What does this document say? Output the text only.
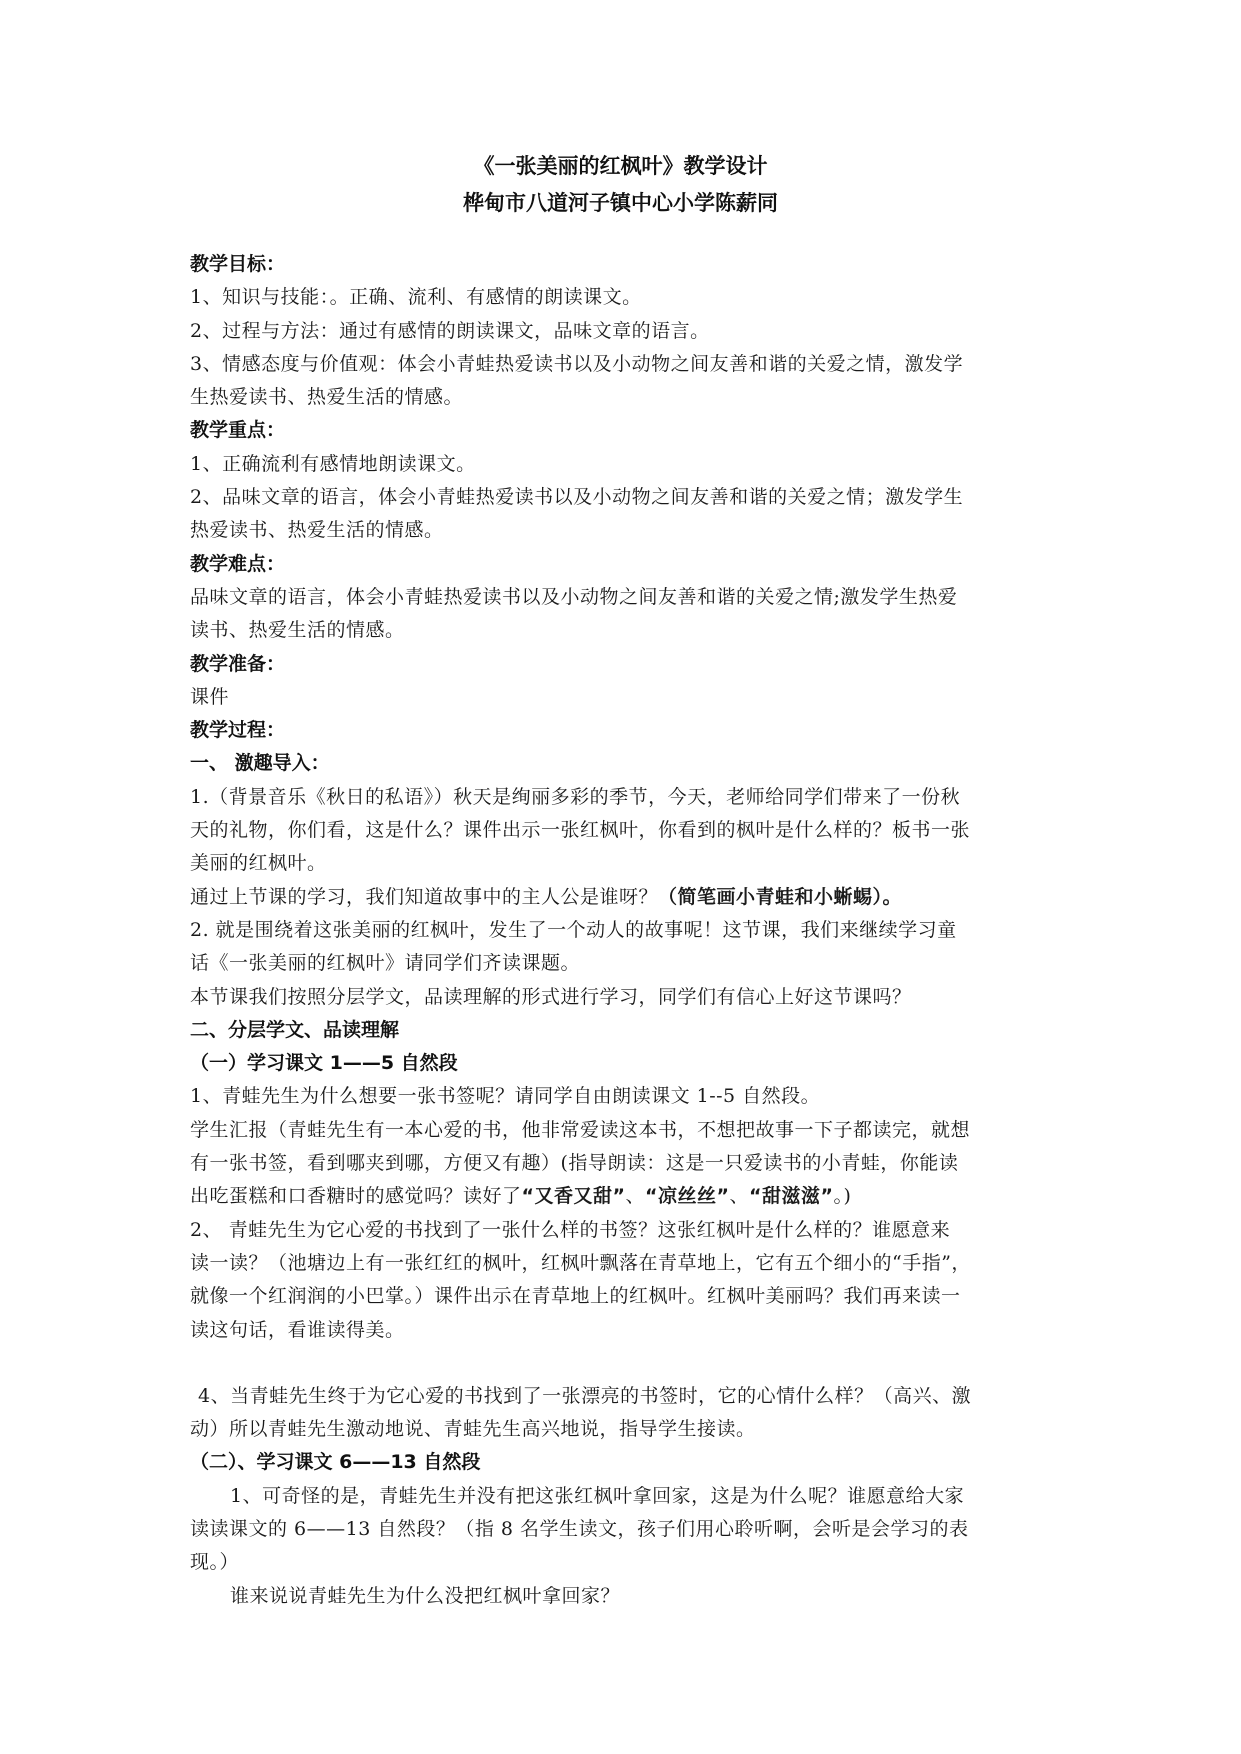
《一张美丽的红枫叶》教学设计
桦甸市八道河子镇中心小学陈薪同
教学目标：
1、知识与技能：。正确、流利、有感情的朗读课文。
2、过程与方法：通过有感情的朗读课文，品味文章的语言。
3、情感态度与价值观：体会小青蛙热爱读书以及小动物之间友善和谐的关爱之情，激发学
生热爱读书、热爱生活的情感。
教学重点：
1、正确流利有感情地朗读课文。
2、品味文章的语言，体会小青蛙热爱读书以及小动物之间友善和谐的关爱之情；激发学生
热爱读书、热爱生活的情感。
教学难点：
品味文章的语言，体会小青蛙热爱读书以及小动物之间友善和谐的关爱之情;激发学生热爱
读书、热爱生活的情感。
教学准备：
课件
教学过程：
一、 激趣导入：
1.（背景音乐《秋日的私语》）秋天是绚丽多彩的季节，今天，老师给同学们带来了一份秋
天的礼物，你们看，这是什么？课件出示一张红枫叶，你看到的枫叶是什么样的？板书一张
美丽的红枫叶。
通过上节课的学习，我们知道故事中的主人公是谁呀？（简笔画小青蛙和小蜥蜴）。
2. 就是围绕着这张美丽的红枫叶，发生了一个动人的故事呢！这节课，我们来继续学习童
话《一张美丽的红枫叶》请同学们齐读课题。
本节课我们按照分层学文，品读理解的形式进行学习，同学们有信心上好这节课吗？
二、分层学文、品读理解
（一）学习课文 1——5 自然段
1、青蛙先生为什么想要一张书签呢？请同学自由朗读课文 1--5 自然段。
学生汇报（青蛙先生有一本心爱的书，他非常爱读这本书，不想把故事一下子都读完，就想
有一张书签，看到哪夹到哪，方便又有趣）(指导朗读：这是一只爱读书的小青蛙，你能读
出吃蛋糕和口香糖时的感觉吗？读好了“又香又甜”、“凉丝丝”、“甜滋滋”。)
2、 青蛙先生为它心爱的书找到了一张什么样的书签？这张红枫叶是什么样的？谁愿意来
读一读？（池塘边上有一张红红的枫叶，红枫叶飘落在青草地上，它有五个细小的“手指”，
就像一个红润润的小巴掌。）课件出示在青草地上的红枫叶。红枫叶美丽吗？我们再来读一
读这句话，看谁读得美。
4、当青蛙先生终于为它心爱的书找到了一张漂亮的书签时，它的心情什么样？（高兴、激
动）所以青蛙先生激动地说、青蛙先生高兴地说，指导学生接读。
（二）、学习课文 6——13 自然段
1、可奇怪的是，青蛙先生并没有把这张红枫叶拿回家，这是为什么呢？谁愿意给大家
读读课文的 6——13 自然段？（指 8 名学生读文，孩子们用心聆听啊，会听是会学习的表
现。）
谁来说说青蛙先生为什么没把红枫叶拿回家？
